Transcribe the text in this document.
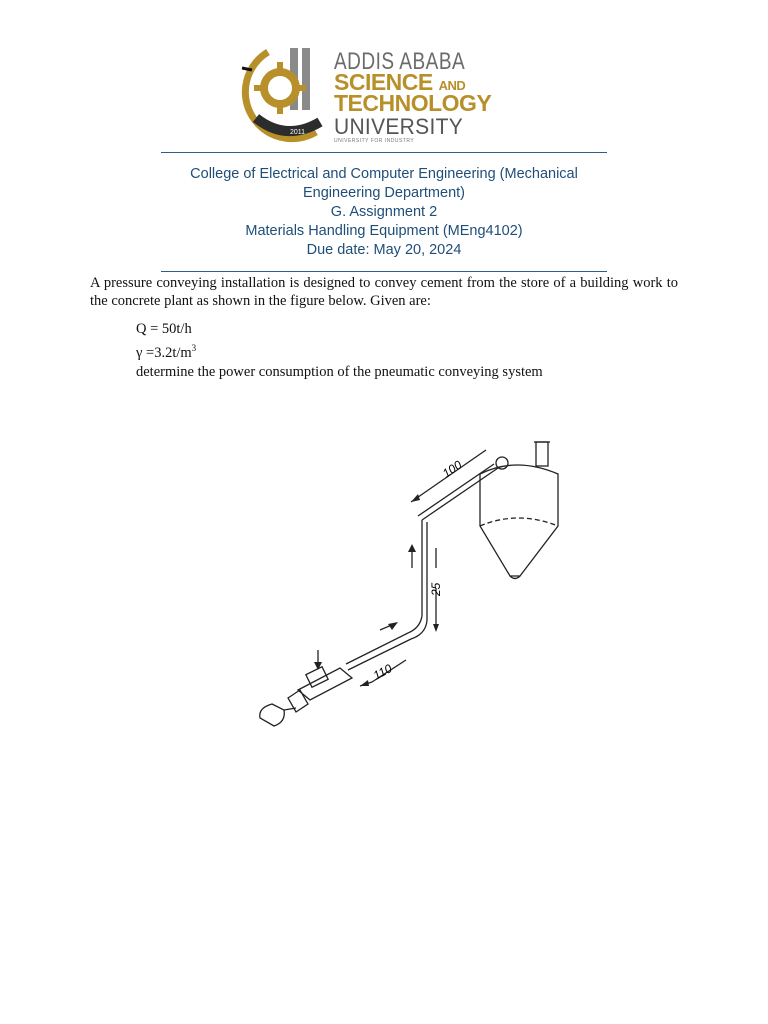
2011
ADDIS ABABA
SCIENCE AND
TECHNOLOGY
UNIVERSITY
UNIVERSITY FOR INDUSTRY
College of Electrical and Computer Engineering (Mechanical
Engineering Department)
G. Assignment 2
Materials Handling Equipment (MEng4102)
Due date: May 20, 2024
A pressure conveying installation is designed to convey cement from the store of a building work to the concrete plant as shown in the figure below. Given are:
Q = 50t/h
$\gamma =3.2t/m^3$
determine the power consumption of the pneumatic conveying system
100
25
110
